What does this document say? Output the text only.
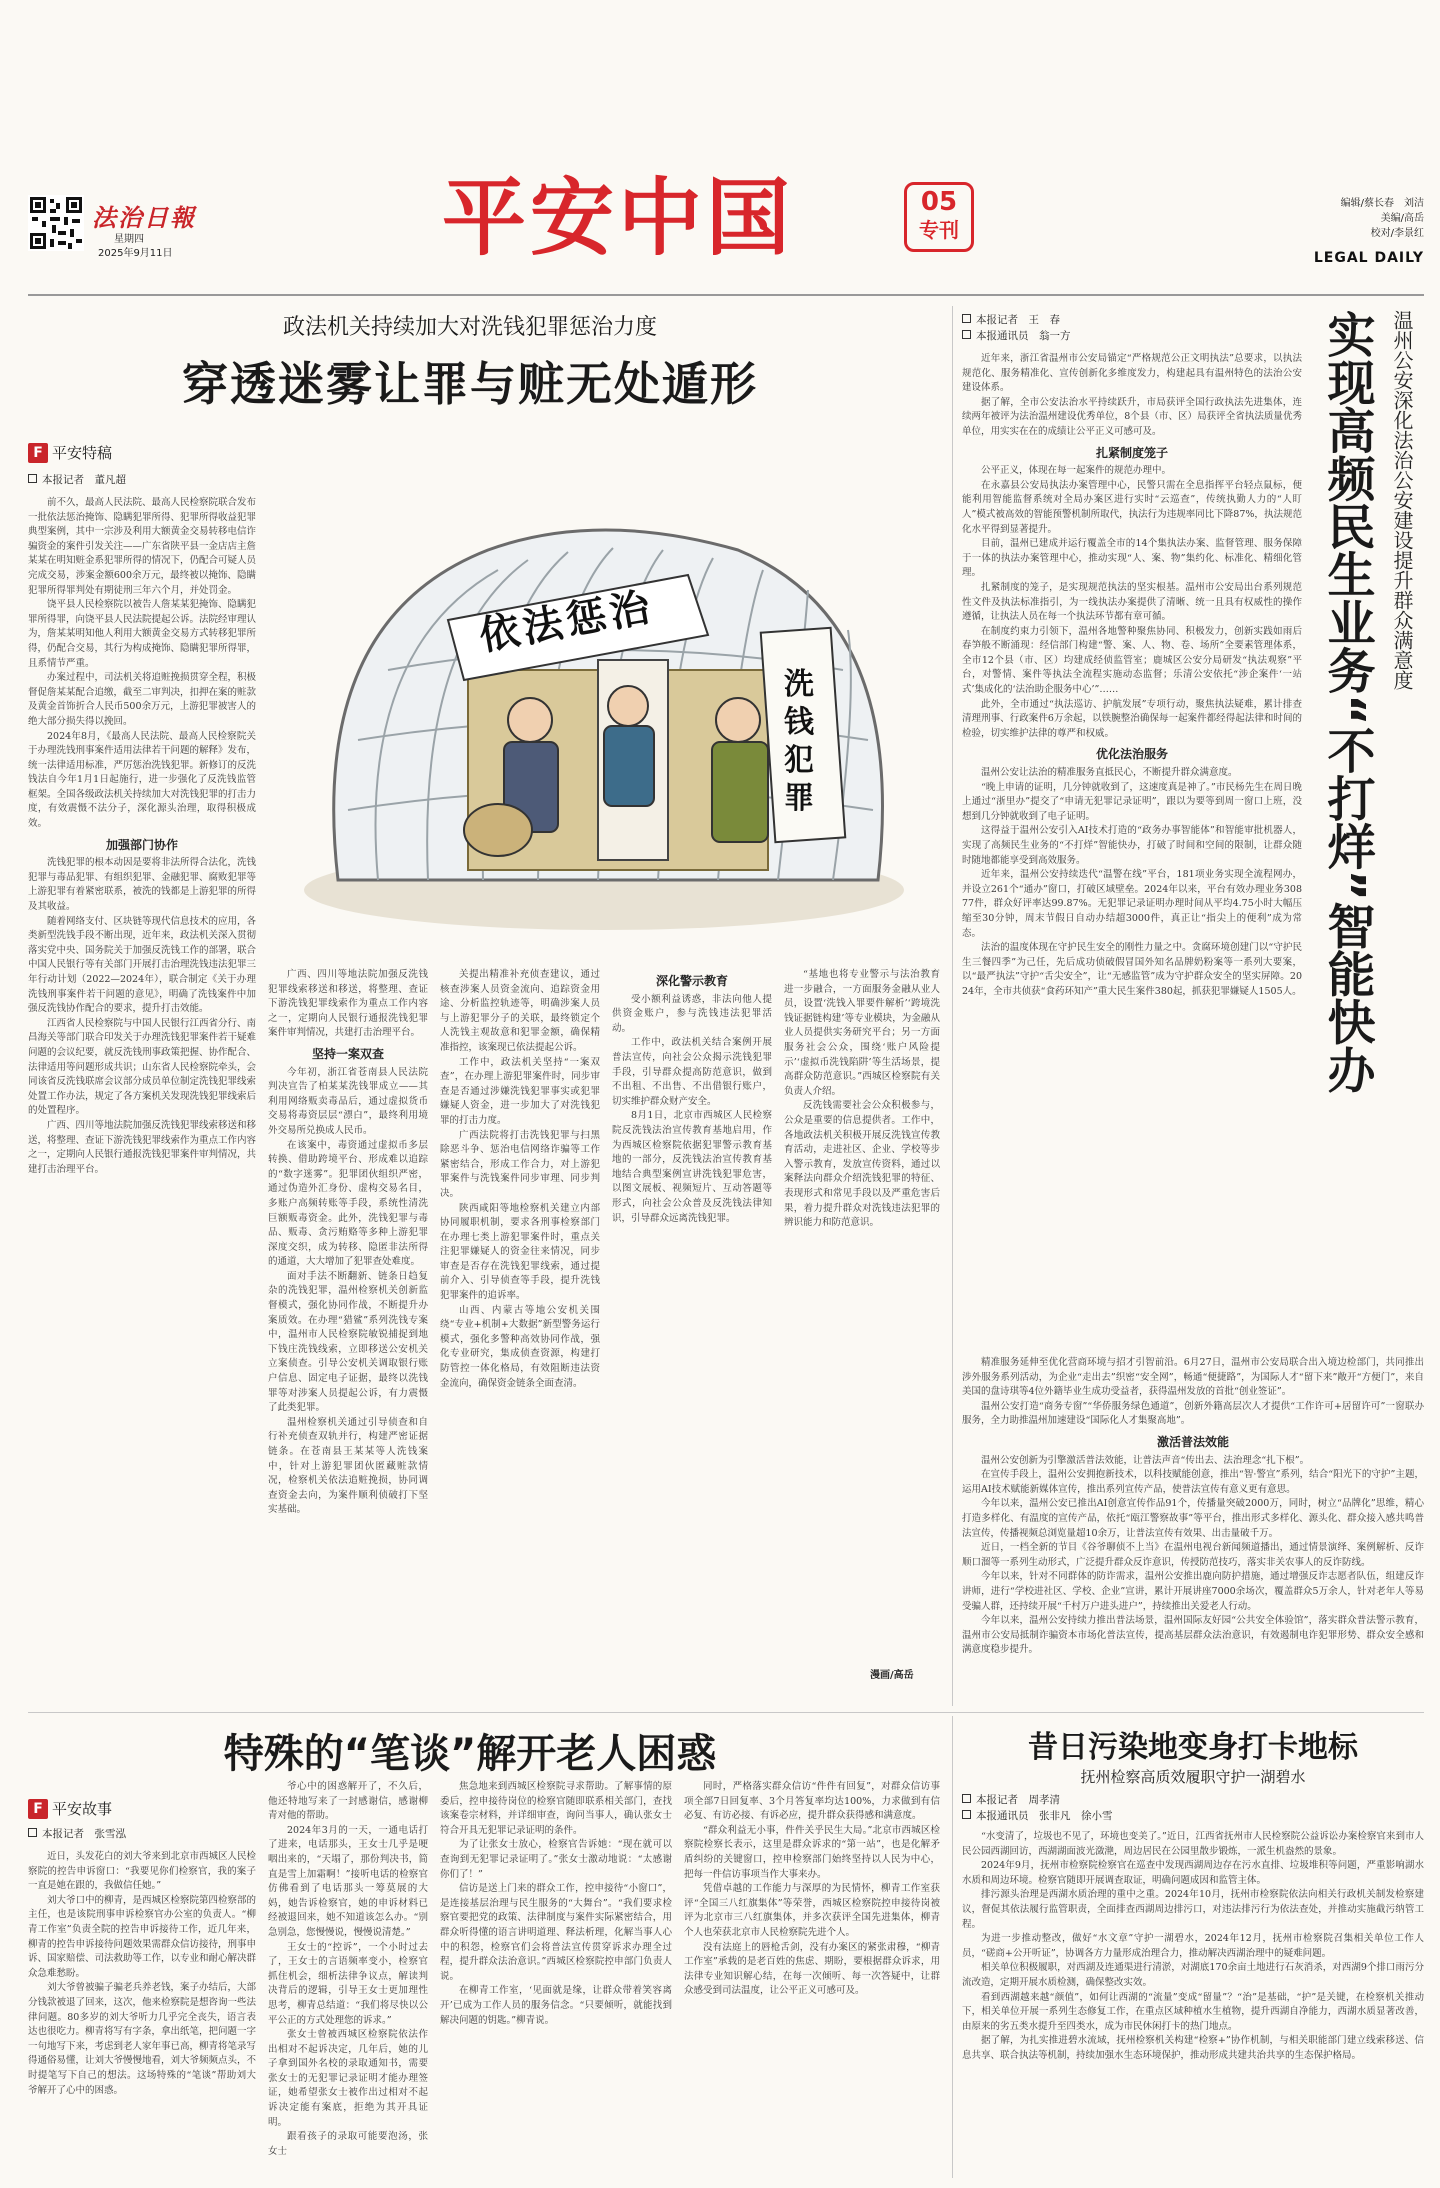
法治日報
星期四
2025年9月11日	平安中国	05
专刊
编辑/蔡长春　刘洁
美编/高岳
校对/李景红
LEGAL DAILY
政法机关持续加大对洗钱犯罪惩治力度
穿透迷雾让罪与赃无处遁形
F 平安特稿
本报记者　董凡超

前不久，最高人民法院、最高人民检察院联合发布一批依法惩治掩饰、隐瞒犯罪所得、犯罪所得收益犯罪典型案例，其中一宗涉及利用大额黄金交易转移电信诈骗资金的案件引发关注——广东省陕平县一金店店主詹某某在明知赃金系犯罪所得的情况下，仍配合可疑人员完成交易，涉案金额600余万元，最终被以掩饰、隐瞒犯罪所得罪判处有期徒刑三年六个月，并处罚金。

饶平县人民检察院以被告人詹某某犯掩饰、隐瞒犯罪所得罪，向饶平县人民法院提起公诉。法院经审理认为，詹某某明知他人利用大额黄金交易方式转移犯罪所得，仍配合交易，其行为构成掩饰、隐瞒犯罪所得罪，且系情节严重。

办案过程中，司法机关将追赃挽损贯穿全程，积极督促詹某某配合追缴，截至二审判决，扣押在案的赃款及黄金首饰折合人民币500余万元，上游犯罪被害人的绝大部分损失得以挽回。

2024年8月，《最高人民法院、最高人民检察院关于办理洗钱刑事案件适用法律若干问题的解释》发布，统一法律适用标准，严厉惩治洗钱犯罪。新修订的反洗钱法自今年1月1日起施行，进一步强化了反洗钱监管框架。全国各级政法机关持续加大对洗钱犯罪的打击力度，有效震慑不法分子，深化源头治理，取得积极成效。

加强部门协作

洗钱犯罪的根本动因是要将非法所得合法化，洗钱犯罪与毒品犯罪、有组织犯罪、金融犯罪、腐败犯罪等上游犯罪有着紧密联系，被洗的钱都是上游犯罪的所得及其收益。

随着网络支付、区块链等现代信息技术的应用，各类新型洗钱手段不断出现，近年来，政法机关深入贯彻落实党中央、国务院关于加强反洗钱工作的部署，联合中国人民银行等有关部门开展打击治理洗钱违法犯罪三年行动计划（2022—2024年），联合制定《关于办理洗钱刑事案件若干问题的意见》，明确了洗钱案件中加强反洗钱协作配合的要求，提升打击效能。

江西省人民检察院与中国人民银行江西省分行、南昌海关等部门联合印发关于办理洗钱犯罪案件若干疑难问题的会议纪要，就反洗钱刑事政策把握、协作配合、法律适用等问题形成共识；山东省人民检察院牵头，会同该省反洗钱联席会议部分成员单位制定洗钱犯罪线索处置工作办法，规定了各方案机关发现洗钱犯罪线索后的处置程序。

广西、四川等地法院加强反洗钱犯罪线索移送和移送，将整理、查证下游洗钱犯罪线索作为重点工作内容之一，定期向人民银行通报洗钱犯罪案件审判情况，共建打击治理平台。

依法惩治
洗钱犯罪

广西、四川等地法院加强反洗钱犯罪线索移送和移送，将整理、查证下游洗钱犯罪线索作为重点工作内容之一，定期向人民银行通报洗钱犯罪案件审判情况，共建打击治理平台。

坚持一案双查

今年初，浙江省苍南县人民法院判决宣告了柏某某洗钱罪成立——其利用网络贩卖毒品后，通过虚拟货币交易将毒资层层“漂白”，最终利用境外交易所兑换成人民币。

在该案中，毒资通过虚拟币多层转换、借助跨境平台、形成难以追踪的“数字迷雾”。犯罪团伙组织严密，通过伪造外汇身份、虚构交易名目，多账户高频转账等手段，系统性清洗巨额贩毒资金。此外，洗钱犯罪与毒品、贩毒、贪污贿赂等多种上游犯罪深度交织，成为转移、隐匿非法所得的通道，大大增加了犯罪查处难度。

面对手法不断翻新、链条日趋复杂的洗钱犯罪，温州检察机关创新监督模式，强化协同作战，不断提升办案质效。在办理“猎鲨”系列洗钱专案中，温州市人民检察院敏锐捕捉到地下钱庄洗钱线索，立即移送公安机关立案侦查。引导公安机关调取银行账户信息、固定电子证据，最终以洗钱罪等对涉案人员提起公诉，有力震慑了此类犯罪。

温州检察机关通过引导侦查和自行补充侦查双轨并行，构建严密证据链条。在苍南县王某某等人洗钱案中，针对上游犯罪团伙匿藏赃款情况，检察机关依法追赃挽损，协同调查资金去向，为案件顺利侦破打下坚实基础。

关提出精准补充侦查建议，通过核查涉案人员资金流向、追踪资金用途、分析监控轨迹等，明确涉案人员与上游犯罪分子的关联，最终锁定个人洗钱主观故意和犯罪金额，确保精准指控，该案现已依法提起公诉。

工作中，政法机关坚持“一案双查”，在办理上游犯罪案件时，同步审查是否通过涉嫌洗钱犯罪事实或犯罪嫌疑人资金，进一步加大了对洗钱犯罪的打击力度。

广西法院将打击洗钱犯罪与扫黑除恶斗争、惩治电信网络诈骗等工作紧密结合，形成工作合力，对上游犯罪案件与洗钱案件同步审理、同步判决。

陕西咸阳等地检察机关建立内部协同履职机制，要求各刑事检察部门在办理七类上游犯罪案件时，重点关注犯罪嫌疑人的资金往来情况，同步审查是否存在洗钱犯罪线索，通过提前介入、引导侦查等手段，提升洗钱犯罪案件的追诉率。

山西、内蒙古等地公安机关围绕“专业+机制+大数据”新型警务运行模式，强化多警种高效协同作战，强化专业研究，集成侦查资源，构建打防管控一体化格局，有效阻断违法资金流向，确保资金链条全面查清。

深化警示教育

受小额利益诱惑，非法向他人提供资金账户，参与洗钱违法犯罪活动。

工作中，政法机关结合案例开展普法宣传，向社会公众揭示洗钱犯罪手段，引导群众提高防范意识，做到不出租、不出售、不出借银行账户，切实维护群众财产安全。

8月1日，北京市西城区人民检察院反洗钱法治宣传教育基地启用，作为西城区检察院依据犯罪警示教育基地的一部分，反洗钱法治宣传教育基地结合典型案例宣讲洗钱犯罪危害，以图文展板、视频短片、互动答题等形式，向社会公众普及反洗钱法律知识，引导群众远离洗钱犯罪。

“基地也将专业警示与法治教育进一步融合，一方面服务金融从业人员，设置‘洗钱入罪要件解析’‘跨境洗钱证据链构建’等专业模块，为金融从业人员提供实务研究平台；另一方面服务社会公众，围绕‘账户风险提示’‘虚拟币洗钱陷阱’等生活场景，提高群众防范意识。”西城区检察院有关负责人介绍。

反洗钱需要社会公众积极参与，公众是重要的信息提供者。工作中，各地政法机关积极开展反洗钱宣传教育活动，走进社区、企业、学校等步入警示教育，发放宣传资料，通过以案释法向群众介绍洗钱犯罪的特征、表现形式和常见手段以及严重危害后果，着力提升群众对洗钱违法犯罪的辨识能力和防范意识。

漫画/高岳
本报记者　王　春
本报通讯员　翁一方	温州公安深化法治公安建设提升群众满意度
实现高频民生业务“不打烊”智能快办

近年来，浙江省温州市公安局锚定“严格规范公正文明执法”总要求，以执法规范化、服务精准化、宣传创新化多维度发力，构建起具有温州特色的法治公安建设体系。

据了解，全市公安法治水平持续跃升，市局获评全国行政执法先进集体，连续两年被评为法治温州建设优秀单位，8个县（市、区）局获评全省执法质量优秀单位，用实实在在的成绩让公平正义可感可及。

扎紧制度笼子

公平正义，体现在每一起案件的规范办理中。

在永嘉县公安局执法办案管理中心，民警只需在全息指挥平台轻点鼠标，便能利用智能监督系统对全局办案区进行实时“云巡查”，传统执勤人力的“人盯人”模式被高效的智能预警机制所取代，执法行为违规率同比下降87%，执法规范化水平得到显著提升。

目前，温州已建成并运行覆盖全市的14个集执法办案、监督管理、服务保障于一体的执法办案管理中心，推动实现“人、案、物”集约化、标准化、精细化管理。

扎紧制度的笼子，是实现规范执法的坚实根基。温州市公安局出台系列规范性文件及执法标准指引，为一线执法办案提供了清晰、统一且具有权威性的操作遵循，让执法人员在每一个执法环节都有章可循。

在制度约束力引领下，温州各地警种聚焦协同、积极发力，创新实践如雨后春笋般不断涌现：经信部门构建“警、案、人、物、卷、场所”全要素管理体系，全市12个县（市、区）均建成经侦监管室；鹿城区公安分局研发“执法观察”平台，对警情、案件等执法全流程实施动态监督；乐清公安依托“涉企案件‘一站式’集成化的‘法治助企服务中心’”……

此外，全市通过“执法巡访、护航发展”专项行动，聚焦执法疑难，累计排查清理刑事、行政案件6万余起，以铁腕整治确保每一起案件都经得起法律和时间的检验，切实维护法律的尊严和权威。

优化法治服务

温州公安让法治的精准服务直抵民心，不断提升群众满意度。

“晚上申请的证明，几分钟就收到了，这速度真是神了。”市民杨先生在周日晚上通过“浙里办”提交了“申请无犯罪记录证明”，跟以为要等到周一窗口上班，没想到几分钟就收到了电子证明。

这得益于温州公安引入AI技术打造的“政务办事智能体”和智能审批机器人，实现了高频民生业务的“不打烊”智能快办，打破了时间和空间的限制，让群众随时随地都能享受到高效服务。

近年来，温州公安持续迭代“温警在线”平台，181项业务实现全流程网办，并设立261个“通办”窗口，打破区域壁垒。2024年以来，平台有效办理业务30877件，群众好评率达99.87%。无犯罪记录证明办理时间从平均4.75小时大幅压缩至30分钟，周末节假日自动办结超3000件，真正让“指尖上的便利”成为常态。

法治的温度体现在守护民生安全的刚性力量之中。贪腐环境创建门以“守护民生三餐四季”为己任，先后成功侦破假冒国外知名品牌奶粉案等一系列大要案，以“最严执法”守护“舌尖安全”，让“无感监管”成为守护群众安全的坚实屏障。2024年，全市共侦获“食药环知产”重大民生案件380起，抓获犯罪嫌疑人1505人。

精准服务延伸至优化营商环境与招才引智前沿。6月27日，温州市公安局联合出入境边检部门，共同推出涉外服务系列活动，为企业“走出去”织密“安全网”，畅通“便捷路”，为国际人才“留下来”敞开“方便门”，来自美国的盘诗琪等4位外籍毕业生成功受益者，获得温州发放的首批“创业签证”。

温州公安打造“商务专窗”“华侨服务绿色通道”，创新外籍高层次人才提供“工作许可+居留许可”一窗联办服务，全力助推温州加速建设“国际化人才集聚高地”。

激活普法效能

温州公安创新为引擎激活普法效能，让普法声音“传出去、法治理念“扎下根”。

在宣传手段上，温州公安拥抱新技术，以科技赋能创意，推出“智·警宣”系列，结合“阳光下的守护”主题，运用AI技术赋能新媒体宣传，推出系列宣传产品，使普法宣传有意义更有意思。

今年以来，温州公安已推出AI创意宣传作品91个，传播量突破2000万，同时，树立“品牌化”思维，精心打造多样化、有温度的宣传产品，依托“瓯江警察故事”等平台，推出形式多样化、源头化、群众接入感共鸣普法宣传，传播视频总浏览量超10余万，让普法宣传有效果、出击量破千万。

近日，一档全新的节目《谷爷聊侦不上当》在温州电视台新闻频道播出，通过情景演绎、案例解析、反诈顺口溜等一系列生动形式，广泛提升群众反诈意识，传授防范技巧，落实非关农事人的反诈防线。

今年以来，针对不同群体的防诈需求，温州公安推出鹿向防护措施，通过增强反诈志愿者队伍，组建反诈讲师，进行“学校进社区、学校、企业”宣讲，累计开展讲座7000余场次，覆盖群众5万余人，针对老年人等易受骗人群，还持续开展“千村万户进头进户”，持续推出关爱老人行动。

今年以来，温州公安持续力推出普法场景，温州国际友好园“公共安全体验馆”，落实群众普法警示教育，温州市公安局抵制诈骗资本市场化普法宣传，提高基层群众法治意识，有效遏制电诈犯罪形势、群众安全感和满意度稳步提升。

特殊的“笔谈”解开老人困惑
F 平安故事
本报记者　张雪泓

近日，头发花白的刘大爷来到北京市西城区人民检察院的控告申诉窗口：“我要见你们检察官，我的案子一直是她在跟的，我做信任她。”

刘大爷口中的柳青，是西城区检察院第四检察部的主任，也是该院刑事申诉检察官办公室的负责人。“柳青工作室”负责全院的控告申诉接待工作，近几年来，柳青的控告申诉接待问题效果需群众信访接待，刑事申诉、国家赔偿、司法救助等工作，以专业和耐心解决群众急难愁盼。

刘大爷曾被骗子骗老兵养老钱，案子办结后，大部分钱款被退了回来，这次，他来检察院是想咨询一些法律问题。80多岁的刘大爷听力几乎完全丧失，语言表达也很吃力。柳青将写有字条，拿出纸笔，把问题一字一句地写下来，考虑到老人家年事已高，柳青将笔录写得通俗易懂，让刘大爷慢慢地看，刘大爷频频点头，不时提笔写下自己的想法。这场特殊的“笔谈”帮助刘大爷解开了心中的困惑。

爷心中的困惑解开了，不久后，他还特地写来了一封感谢信，感谢柳青对他的帮助。

2024年3月的一天，一通电话打了进来，电话那头，王女士几乎是哽咽出来的，“天塌了，那份判决书，简直是雪上加霜啊！”接听电话的检察官仿佛看到了电话那头一筹莫展的大妈，她告诉检察官，她的申诉材料已经被退回来，她不知道该怎么办。“别急别急，您慢慢说，慢慢说清楚。”

王女士的“控诉”，一个小时过去了，王女士的言语频率变小，检察官抓住机会，细析法律争议点，解读判决背后的逻辑，引导王女士更加理性思考，柳青总结道：“我们将尽快以公平公正的方式处理您的诉求。”

张女士曾被西城区检察院依法作出相对不起诉决定，几年后，她的儿子拿到国外名校的录取通知书，需要张女士的无犯罪记录证明才能办理签证，她希望张女士被作出过相对不起诉决定能有案底，拒绝为其开具证明。

跟看孩子的录取可能要泡汤，张女士

焦急地来到西城区检察院寻求帮助。了解事情的原委后，控申接待岗位的检察官随即联系相关部门，查找该案卷宗材料，并详细审查，询问当事人，确认张女士符合开具无犯罪记录证明的条件。

为了让张女士放心，检察官告诉她：“现在就可以查询到无犯罪记录证明了。”张女士激动地说：“太感谢你们了！”

信访是送上门来的群众工作，控申接待“小窗口”，是连接基层治理与民生服务的“大舞台”。“我们要求检察官要把党的政策、法律制度与案件实际紧密结合，用群众听得懂的语言讲明道理、释法析理，化解当事人心中的积怨，检察官们会将普法宣传贯穿诉求办理全过程，提升群众法治意识。”西城区检察院控申部门负责人说。

在柳青工作室，‘见面就是缘，让群众带着笑容离开’已成为工作人员的服务信念。“只要倾听，就能找到解决问题的钥匙。”柳青说。

同时，严格落实群众信访“件件有回复”，对群众信访事项全部7日回复率、3个月答复率均达100%，力求做到有信必复、有访必接、有诉必应，提升群众获得感和满意度。

“群众利益无小事，件件关乎民生大局。”北京市西城区检察院检察长表示，这里是群众诉求的“第一站”，也是化解矛盾纠纷的关键窗口，控申检察部门始终坚持以人民为中心，把每一件信访事项当作大事来办。

凭借卓越的工作能力与深厚的为民情怀，柳青工作室获评“全国三八红旗集体”等荣誉，西城区检察院控申接待岗被评为北京市三八红旗集体，并多次获评全国先进集体，柳青个人也荣获北京市人民检察院先进个人。

没有法庭上的唇枪舌剑，没有办案区的紧张肃穆，“柳青工作室”承载的是老百姓的焦虑、期盼，要根据群众诉求，用法律专业知识解心结，在每一次倾听、每一次答疑中，让群众感受到司法温度，让公平正义可感可及。

昔日污染地变身打卡地标
抚州检察高质效履职守护一湖碧水
本报记者　周孝清
本报通讯员　张非凡　徐小雪

“水变清了，垃圾也不见了，环境也变美了。”近日，江西省抚州市人民检察院公益诉讼办案检察官来到市人民公园西湖回访，西湖湖面波光潋滟，周边居民在公园里散步锻炼，一派生机盎然的景象。

2024年9月，抚州市检察院检察官在巡查中发现西湖周边存在污水直排、垃圾堆积等问题，严重影响湖水水质和周边环境。检察官随即开展调查取证，明确问题成因和监管主体。

排污源头治理是西湖水质治理的重中之重。2024年10月，抚州市检察院依法向相关行政机关制发检察建议，督促其依法履行监管职责，全面排查西湖周边排污口，对违法排污行为依法查处，并推动实施截污纳管工程。

为进一步推动整改，做好“水文章”守护一湖碧水，2024年12月，抚州市检察院召集相关单位工作人员，“磋商+公开听证”，协调各方力量形成治理合力，推动解决西湖治理中的疑难问题。

相关单位积极履职，对西湖及连通渠进行清淤，对湖底170余亩土地进行石灰消杀，对西湖9个排口雨污分流改造，定期开展水质检测，确保整改实效。

看到西湖越来越“颜值”，如何让西湖的“流量”变成“留量”？“治”是基础，“护”是关键，在检察机关推动下，相关单位开展一系列生态修复工作，在重点区域种植水生植物，提升西湖自净能力，西湖水质显著改善，由原来的劣五类水提升至四类水，成为市民休闲打卡的热门地点。

据了解，为扎实推进碧水流域，抚州检察机关构建“检察+”协作机制，与相关职能部门建立线索移送、信息共享、联合执法等机制，持续加强水生态环境保护，推动形成共建共治共享的生态保护格局。
